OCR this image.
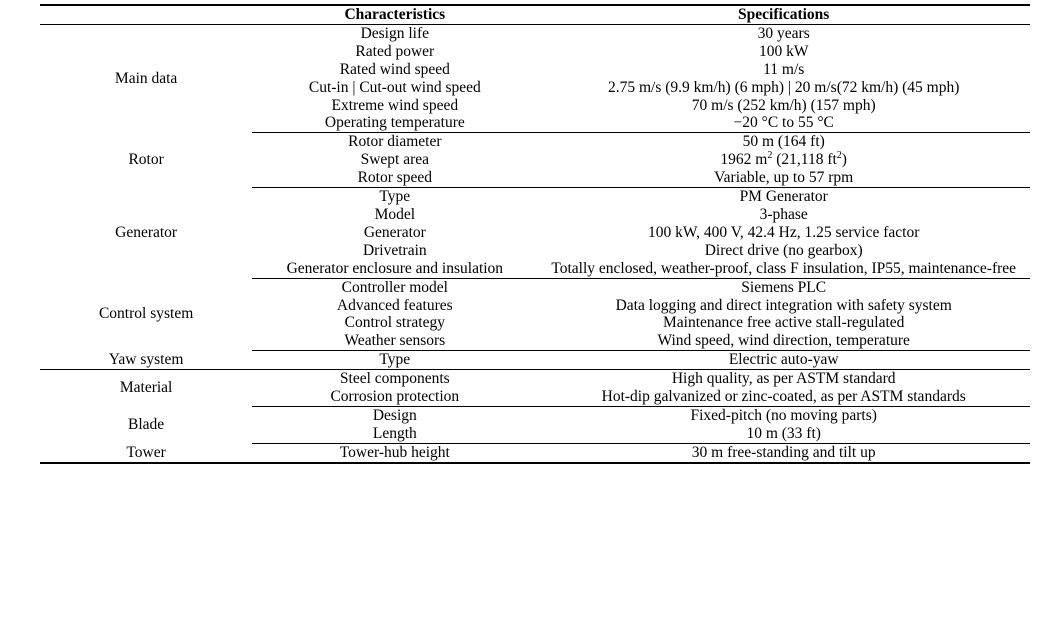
	Characteristics	Specifications
Main data	Design life	30 years
	Rated power	100 kW
	Rated wind speed	11 m/s
	Cut-in | Cut-out wind speed	2.75 m/s (9.9 km/h) (6 mph) | 20 m/s(72 km/h) (45 mph)
	Extreme wind speed	70 m/s (252 km/h) (157 mph)
	Operating temperature	−20 °C to 55 °C
Rotor	Rotor diameter	50 m (164 ft)
	Swept area	1962 $m^2$ (21,118 $ft^2$)
	Rotor speed	Variable, up to 57 rpm
Generator	Type	PM Generator
	Model	3-phase
	Generator	100 kW, 400 V, 42.4 Hz, 1.25 service factor
	Drivetrain	Direct drive (no gearbox)
	Generator enclosure and insulation	Totally enclosed, weather-proof, class F insulation, IP55, maintenance-free
Control system	Controller model	Siemens PLC
	Advanced features	Data logging and direct integration with safety system
	Control strategy	Maintenance free active stall-regulated
	Weather sensors	Wind speed, wind direction, temperature
Yaw system	Type	Electric auto-yaw
Material	Steel components	High quality, as per ASTM standard
	Corrosion protection	Hot-dip galvanized or zinc-coated, as per ASTM standards
Blade	Design	Fixed-pitch (no moving parts)
	Length	10 m (33 ft)
Tower	Tower-hub height	30 m free-standing and tilt up
